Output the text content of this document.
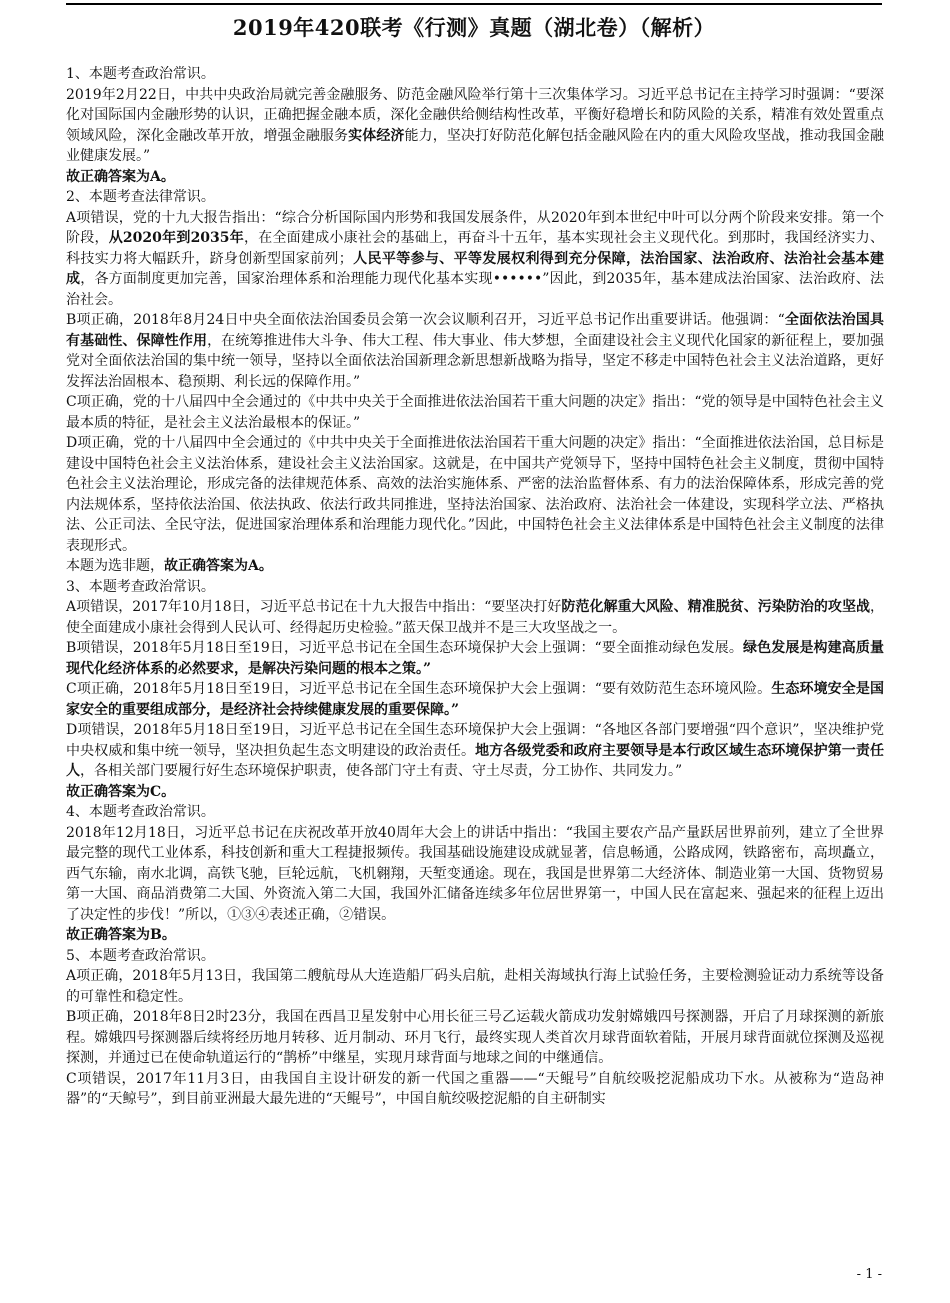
2019年420联考《行测》真题（湖北卷）（解析）

1、本题考查政治常识。

2019年2月22日，中共中央政治局就完善金融服务、防范金融风险举行第十三次集体学习。习近平总书记在主持学习时强调：“要深化对国际国内金融形势的认识，正确把握金融本质，深化金融供给侧结构性改革，平衡好稳增长和防风险的关系，精准有效处置重点领域风险，深化金融改革开放，增强金融服务实体经济能力，坚决打好防范化解包括金融风险在内的重大风险攻坚战，推动我国金融业健康发展。”

故正确答案为A。

2、本题考查法律常识。

A项错误，党的十九大报告指出：“综合分析国际国内形势和我国发展条件，从2020年到本世纪中叶可以分两个阶段来安排。第一个阶段，从2020年到2035年，在全面建成小康社会的基础上，再奋斗十五年，基本实现社会主义现代化。到那时，我国经济实力、科技实力将大幅跃升，跻身创新型国家前列；人民平等参与、平等发展权利得到充分保障，法治国家、法治政府、法治社会基本建成，各方面制度更加完善，国家治理体系和治理能力现代化基本实现••••••”因此，到2035年，基本建成法治国家、法治政府、法治社会。

B项正确，2018年8月24日中央全面依法治国委员会第一次会议顺利召开，习近平总书记作出重要讲话。他强调：“全面依法治国具有基础性、保障性作用，在统筹推进伟大斗争、伟大工程、伟大事业、伟大梦想，全面建设社会主义现代化国家的新征程上，要加强党对全面依法治国的集中统一领导，坚持以全面依法治国新理念新思想新战略为指导，坚定不移走中国特色社会主义法治道路，更好发挥法治固根本、稳预期、利长远的保障作用。”

C项正确，党的十八届四中全会通过的《中共中央关于全面推进依法治国若干重大问题的决定》指出：“党的领导是中国特色社会主义最本质的特征，是社会主义法治最根本的保证。”

D项正确，党的十八届四中全会通过的《中共中央关于全面推进依法治国若干重大问题的决定》指出：“全面推进依法治国，总目标是建设中国特色社会主义法治体系，建设社会主义法治国家。这就是，在中国共产党领导下，坚持中国特色社会主义制度，贯彻中国特色社会主义法治理论，形成完备的法律规范体系、高效的法治实施体系、严密的法治监督体系、有力的法治保障体系，形成完善的党内法规体系，坚持依法治国、依法执政、依法行政共同推进，坚持法治国家、法治政府、法治社会一体建设，实现科学立法、严格执法、公正司法、全民守法，促进国家治理体系和治理能力现代化。”因此，中国特色社会主义法律体系是中国特色社会主义制度的法律表现形式。

本题为选非题，故正确答案为A。

3、本题考查政治常识。

A项错误，2017年10月18日，习近平总书记在十九大报告中指出：“要坚决打好防范化解重大风险、精准脱贫、污染防治的攻坚战，使全面建成小康社会得到人民认可、经得起历史检验。”蓝天保卫战并不是三大攻坚战之一。

B项错误，2018年5月18日至19日，习近平总书记在全国生态环境保护大会上强调：“要全面推动绿色发展。绿色发展是构建高质量现代化经济体系的必然要求，是解决污染问题的根本之策。”

C项正确，2018年5月18日至19日，习近平总书记在全国生态环境保护大会上强调：“要有效防范生态环境风险。生态环境安全是国家安全的重要组成部分，是经济社会持续健康发展的重要保障。”

D项错误，2018年5月18日至19日，习近平总书记在全国生态环境保护大会上强调：“各地区各部门要增强“四个意识”，坚决维护党中央权威和集中统一领导，坚决担负起生态文明建设的政治责任。地方各级党委和政府主要领导是本行政区域生态环境保护第一责任人，各相关部门要履行好生态环境保护职责，使各部门守土有责、守土尽责，分工协作、共同发力。”

故正确答案为C。

4、本题考查政治常识。

2018年12月18日，习近平总书记在庆祝改革开放40周年大会上的讲话中指出：“我国主要农产品产量跃居世界前列，建立了全世界最完整的现代工业体系，科技创新和重大工程捷报频传。我国基础设施建设成就显著，信息畅通，公路成网，铁路密布，高坝矗立，西气东输，南水北调，高铁飞驰，巨轮远航，飞机翱翔，天堑变通途。现在，我国是世界第二大经济体、制造业第一大国、货物贸易第一大国、商品消费第二大国、外资流入第二大国，我国外汇储备连续多年位居世界第一，中国人民在富起来、强起来的征程上迈出了决定性的步伐！”所以，①③④表述正确，②错误。

故正确答案为B。

5、本题考查政治常识。

A项正确，2018年5月13日，我国第二艘航母从大连造船厂码头启航，赴相关海域执行海上试验任务，主要检测验证动力系统等设备的可靠性和稳定性。

B项正确，2018年8日2时23分，我国在西昌卫星发射中心用长征三号乙运载火箭成功发射嫦娥四号探测器，开启了月球探测的新旅程。嫦娥四号探测器后续将经历地月转移、近月制动、环月飞行，最终实现人类首次月球背面软着陆，开展月球背面就位探测及巡视探测，并通过已在使命轨道运行的“鹊桥”中继星，实现月球背面与地球之间的中继通信。

C项错误，2017年11月3日，由我国自主设计研发的新一代国之重器——“天鲲号”自航绞吸挖泥船成功下水。从被称为“造岛神器”的“天鲸号”，到目前亚洲最大最先进的“天鲲号”，中国自航绞吸挖泥船的自主研制实

- 1 -
